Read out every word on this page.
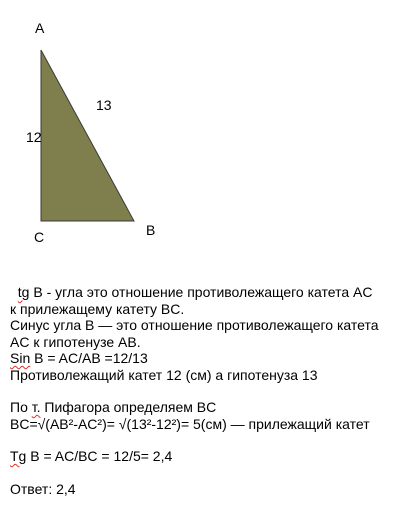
A
B
C
13
12
tg B - угла это отношение противолежащего катета AC
к прилежащему катету BC.
Синус угла B — это отношение противолежащего катета
AC к гипотенузе AB.
Sin B = AC/AB =12/13
Противолежащий катет 12 (см) а гипотенуза 13
По т. Пифагора определяем BC
BC=√(AB²-AC²)= √(13²-12²)= 5(см) — прилежащий катет
Tg B = AC/BC = 12/5= 2,4
Ответ: 2,4
